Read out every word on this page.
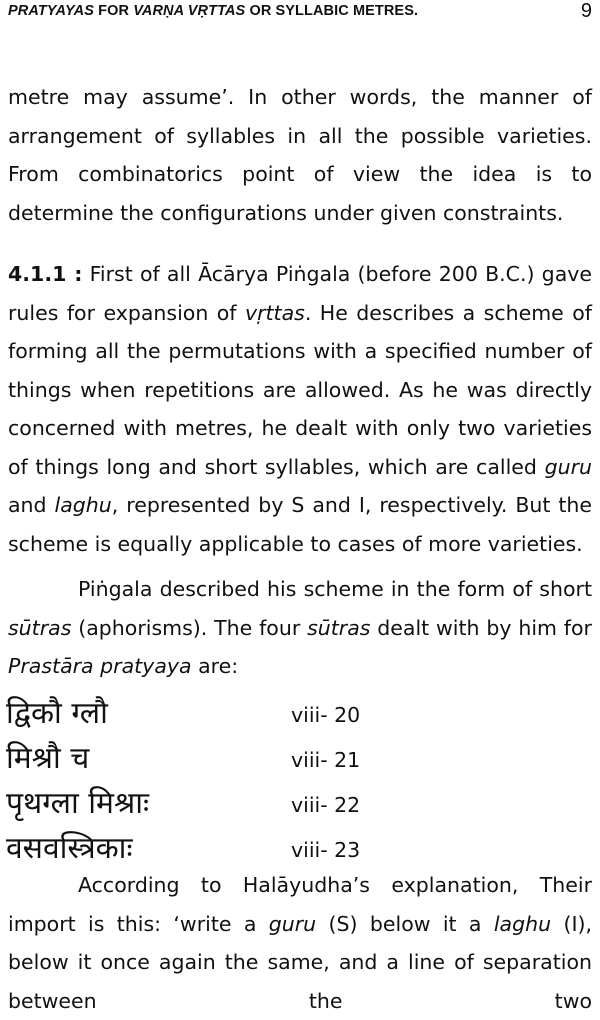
PRATYAYAS FOR VARṆA VṚTTAS OR SYLLABIC METRES.	9

metre may assume’. In other words, the manner of arrangement of syllables in all the possible varieties. From combinatorics point of view the idea is to determine the configurations under given constraints.

4.1.1 : First of all Ācārya Piṅgala (before 200 B.C.) gave rules for expansion of vṛttas. He describes a scheme of forming all the permutations with a specified number of things when repetitions are allowed. As he was directly concerned with metres, he dealt with only two varieties of things long and short syllables, which are called guru and laghu, represented by S and I, respectively. But the scheme is equally applicable to cases of more varieties.

Piṅgala described his scheme in the form of short sūtras (aphorisms). The four sūtras dealt with by him for Prastāra pratyaya are:

द्विकौ ग्लौ	viii- 20
मिश्रौ च	viii- 21
पृथग्ला मिश्राः	viii- 22
वसवस्त्रिकाः	viii- 23

According to Halāyudha’s explanation, Their import is this: ‘write a guru (S) below it a laghu (I), below it once again the same, and a line of separation between the two
